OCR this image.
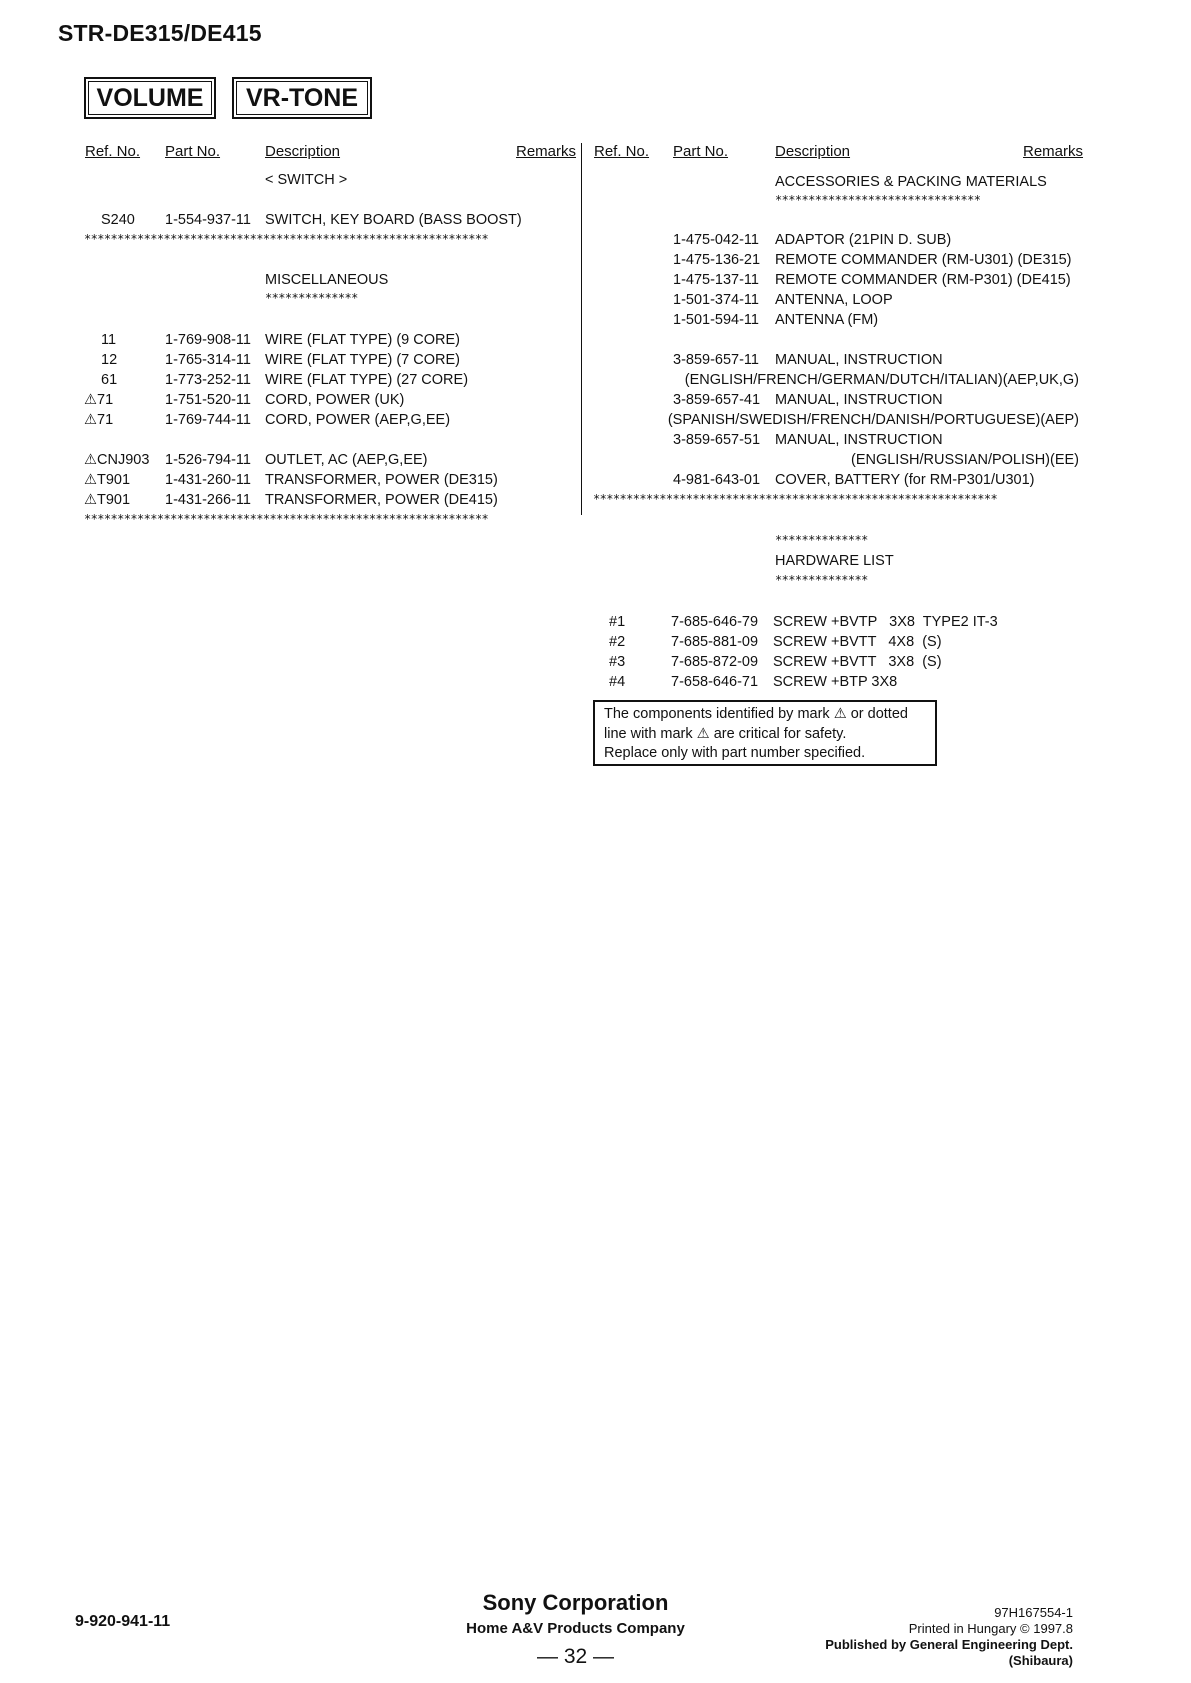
STR-DE315/DE415
VOLUME	VR-TONE
Ref. No. Part No.	Description	Remarks Ref. No. Part No.	Description	Remarks
< SWITCH >
S240 1-554-937-11 SWITCH, KEY BOARD (BASS BOOST)
*************************************************************
MISCELLANEOUS
**************
11	1-769-908-11 WIRE (FLAT TYPE) (9 CORE)
12	1-765-314-11 WIRE (FLAT TYPE) (7 CORE)
61	1-773-252-11 WIRE (FLAT TYPE) (27 CORE)
⚠71	1-751-520-11 CORD, POWER (UK)
⚠71	1-769-744-11 CORD, POWER (AEP,G,EE)
⚠CNJ903 1-526-794-11 OUTLET, AC (AEP,G,EE)
⚠T901 1-431-260-11 TRANSFORMER, POWER (DE315)
⚠T901 1-431-266-11 TRANSFORMER, POWER (DE415)
*************************************************************
ACCESSORIES & PACKING MATERIALS
*******************************
1-475-042-11 ADAPTOR (21PIN D. SUB)
1-475-136-21 REMOTE COMMANDER (RM-U301) (DE315)
1-475-137-11 REMOTE COMMANDER (RM-P301) (DE415)
1-501-374-11 ANTENNA, LOOP
1-501-594-11 ANTENNA (FM)
3-859-657-11 MANUAL, INSTRUCTION
(ENGLISH/FRENCH/GERMAN/DUTCH/ITALIAN)(AEP,UK,G)
3-859-657-41 MANUAL, INSTRUCTION
(SPANISH/SWEDISH/FRENCH/DANISH/PORTUGUESE)(AEP)
3-859-657-51 MANUAL, INSTRUCTION
(ENGLISH/RUSSIAN/POLISH)(EE)
4-981-643-01 COVER, BATTERY (for RM-P301/U301)
*************************************************************
**************
HARDWARE LIST
**************
#1	7-685-646-79 SCREW +BVTP   3X8  TYPE2 IT-3
#2	7-685-881-09 SCREW +BVTT   4X8  (S)
#3	7-685-872-09 SCREW +BVTT   3X8  (S)
#4	7-658-646-71 SCREW +BTP 3X8
The components identified by mark ⚠ or dotted
line with mark ⚠ are critical for safety.
Replace only with part number specified.
9-920-941-11
Sony Corporation
Home A&V Products Company
— 32 —
97H167554-1
Printed in Hungary © 1997.8
Published by General Engineering Dept.
(Shibaura)
